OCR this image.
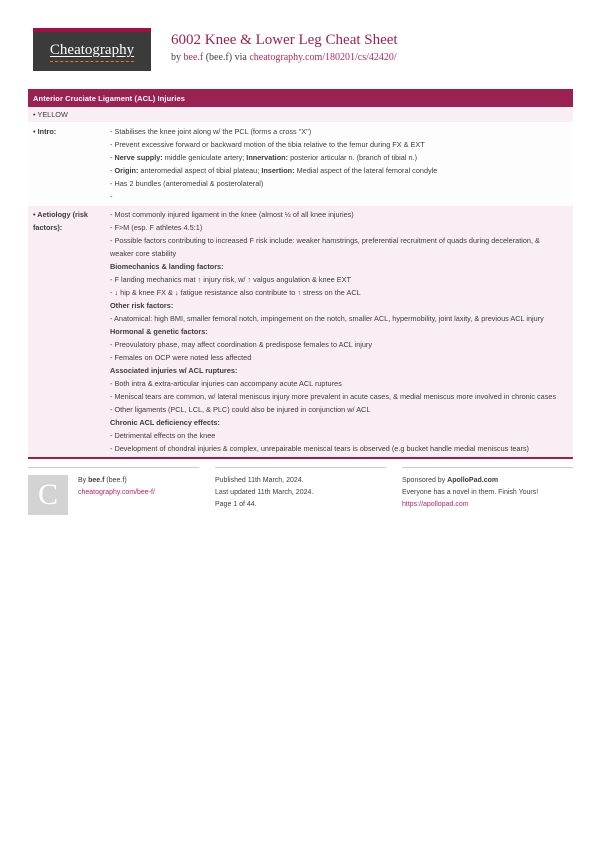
Cheatography
6002 Knee & Lower Leg Cheat Sheet
by bee.f (bee.f) via cheatography.com/180201/cs/42420/
Anterior Cruciate Ligament (ACL) Injuries
• YELLOW
• Intro:	- Stabilises the knee joint along w/ the PCL (forms a cross "X")
- Prevent excessive forward or backward motion of the tibia relative to the femur during FX & EXT
- Nerve supply: middle geniculate artery; Innervation: posterior articular n. (branch of tibial n.)
- Origin: anteromedial aspect of tibial plateau; Insertion: Medial aspect of the lateral femoral condyle
- Has 2 bundles (anteromedial & posterolateral)
-
• Aetiology (risk factors):
- Most commonly injured ligament in the knee (almost ½ of all knee injuries)
- F>M (esp. F athletes 4.5:1)
- Possible factors contributing to increased F risk include: weaker hamstrings, preferential recruitment of quads during deceleration, & weaker core stability
Biomechanics & landing factors:
- F landing mechanics mat ↑ injury risk, w/ ↑ valgus angulation & knee EXT
- ↓ hip & knee FX & ↓ fatigue resistance also contribute to ↑ stress on the ACL
Other risk factors:
- Anatomical: high BMI, smaller femoral notch, impingement on the notch, smaller ACL, hypermobility, joint laxity, & previous ACL injury
Hormonal & genetic factors:
- Preovulatory phase, may affect coordination & predispose females to ACL injury
- Females on OCP were noted less affected
Associated injuries w/ ACL ruptures:
- Both intra & extra-articular injuries can accompany acute ACL ruptures
- Meniscal tears are common, w/ lateral meniscus injury more prevalent in acute cases, & medial meniscus more involved in chronic cases
- Other ligaments (PCL, LCL, & PLC) could also be injured in conjunction w/ ACL
Chronic ACL deficiency effects:
- Detrimental effects on the knee
- Development of chondral injuries & complex, unrepairable meniscal tears is observed (e.g bucket handle medial meniscus tears)
C	By bee.f (bee.f)
cheatography.com/bee-f/
Published 11th March, 2024.
Last updated 11th March, 2024.
Page 1 of 44.
Sponsored by ApolloPad.com
Everyone has a novel in them. Finish Yours!
https://apollopad.com
